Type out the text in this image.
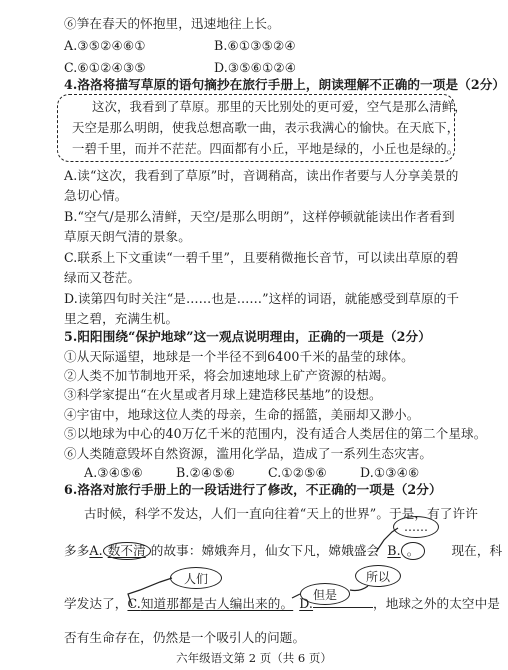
⑥笋在春天的怀抱里，迅速地往上长。
A.③⑤②④⑥①	B.⑥①③⑤②④
C.⑥①②④③⑤	D.③⑤⑥①②④
4.洛洛将描写草原的语句摘抄在旅行手册上，朗读理解不正确的一项是（2分）
这次，我看到了草原。那里的天比别处的更可爱，空气是那么清鲜，
天空是那么明朗，使我总想高歌一曲，表示我满心的愉快。在天底下，
一碧千里，而并不茫茫。四面都有小丘，平地是绿的，小丘也是绿的。
A.读“这次，我看到了草原”时，音调稍高，读出作者要与人分享美景的
急切心情。
B.“空气/是那么清鲜，天空/是那么明朗”，这样停顿就能读出作者看到
草原天朗气清的景象。
C.联系上下文重读“一碧千里”，且要稍微拖长音节，可以读出草原的碧
绿而又苍茫。
D.读第四句时关注“是……也是……”这样的词语，就能感受到草原的千
里之碧，充满生机。
5.阳阳围绕“保护地球”这一观点说明理由，正确的一项是（2分）
①从天际遥望，地球是一个半径不到6400千米的晶莹的球体。
②人类不加节制地开采，将会加速地球上矿产资源的枯竭。
③科学家提出“在火星或者月球上建造移民基地”的设想。
④宇宙中，地球这位人类的母亲，生命的摇篮，美丽却又渺小。
⑤以地球为中心的40万亿千米的范围内，没有适合人类居住的第二个星球。
⑥人类随意毁坏自然资源，滥用化学品，造成了一系列生态灾害。
A.③④⑤⑥	B.②④⑤⑥	C.①②⑤⑥	D.①③④⑥
6.洛洛对旅行手册上的一段话进行了修改，不正确的一项是（2分）
古时候，科学不发达，人们一直向往着“天上的世界”。于是，有了许许
……
多多A. 数不清 的故事：嫦娥奔月，仙女下凡，嫦娥盛会 B. 。	现在，科
人们	所以
但是
学发达了，C.知道那都是古人编出来的。 D.	，地球之外的太空中是
否有生命存在，仍然是一个吸引人的问题。
六年级语文第 2 页（共 6 页）
